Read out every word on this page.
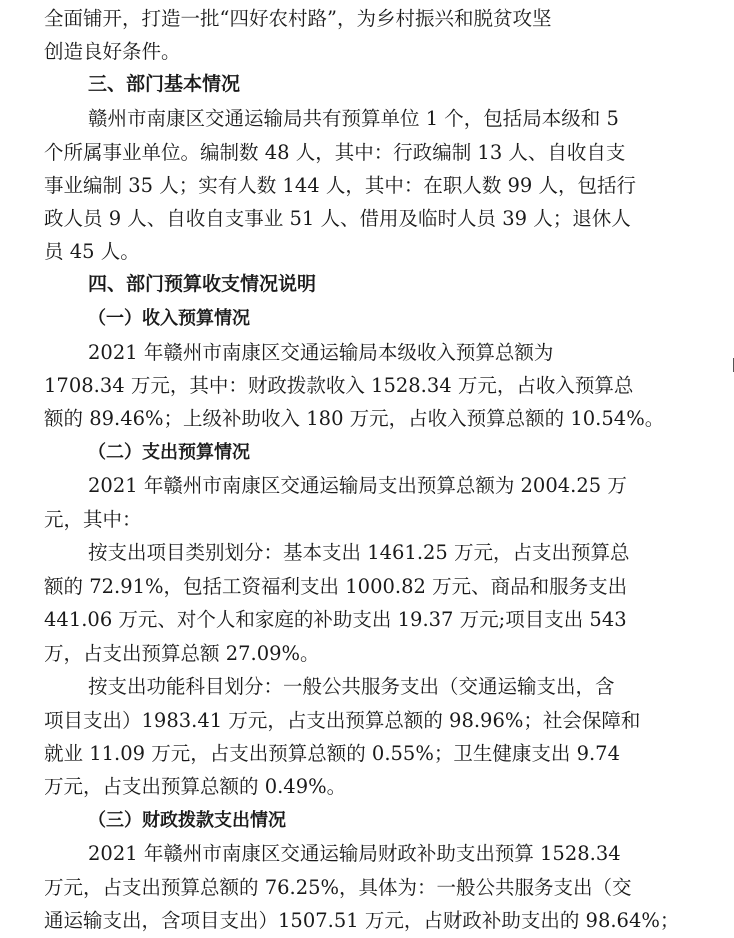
全面铺开，打造一批“四好农村路”，为乡村振兴和脱贫攻坚
创造良好条件。
三、部门基本情况
赣州市南康区交通运输局共有预算单位 1 个，包括局本级和 5
个所属事业单位。编制数 48 人，其中：行政编制 13 人、自收自支
事业编制 35 人；实有人数 144 人，其中：在职人数 99 人，包括行
政人员 9 人、自收自支事业 51 人、借用及临时人员 39 人；退休人
员 45 人。
四、部门预算收支情况说明
（一）收入预算情况
2021 年赣州市南康区交通运输局本级收入预算总额为
1708.34 万元，其中：财政拨款收入 1528.34 万元，占收入预算总
额的 89.46%；上级补助收入 180 万元，占收入预算总额的 10.54%。
（二）支出预算情况
2021 年赣州市南康区交通运输局支出预算总额为 2004.25 万
元，其中：
按支出项目类别划分：基本支出 1461.25 万元，占支出预算总
额的 72.91%，包括工资福利支出 1000.82 万元、商品和服务支出
441.06 万元、对个人和家庭的补助支出 19.37 万元;项目支出 543
万，占支出预算总额 27.09%。
按支出功能科目划分：一般公共服务支出（交通运输支出，含
项目支出）1983.41 万元，占支出预算总额的 98.96%；社会保障和
就业 11.09 万元，占支出预算总额的 0.55%；卫生健康支出 9.74
万元，占支出预算总额的 0.49%。
（三）财政拨款支出情况
2021 年赣州市南康区交通运输局财政补助支出预算 1528.34
万元，占支出预算总额的 76.25%，具体为：一般公共服务支出（交
通运输支出，含项目支出）1507.51 万元，占财政补助支出的 98.64%；
